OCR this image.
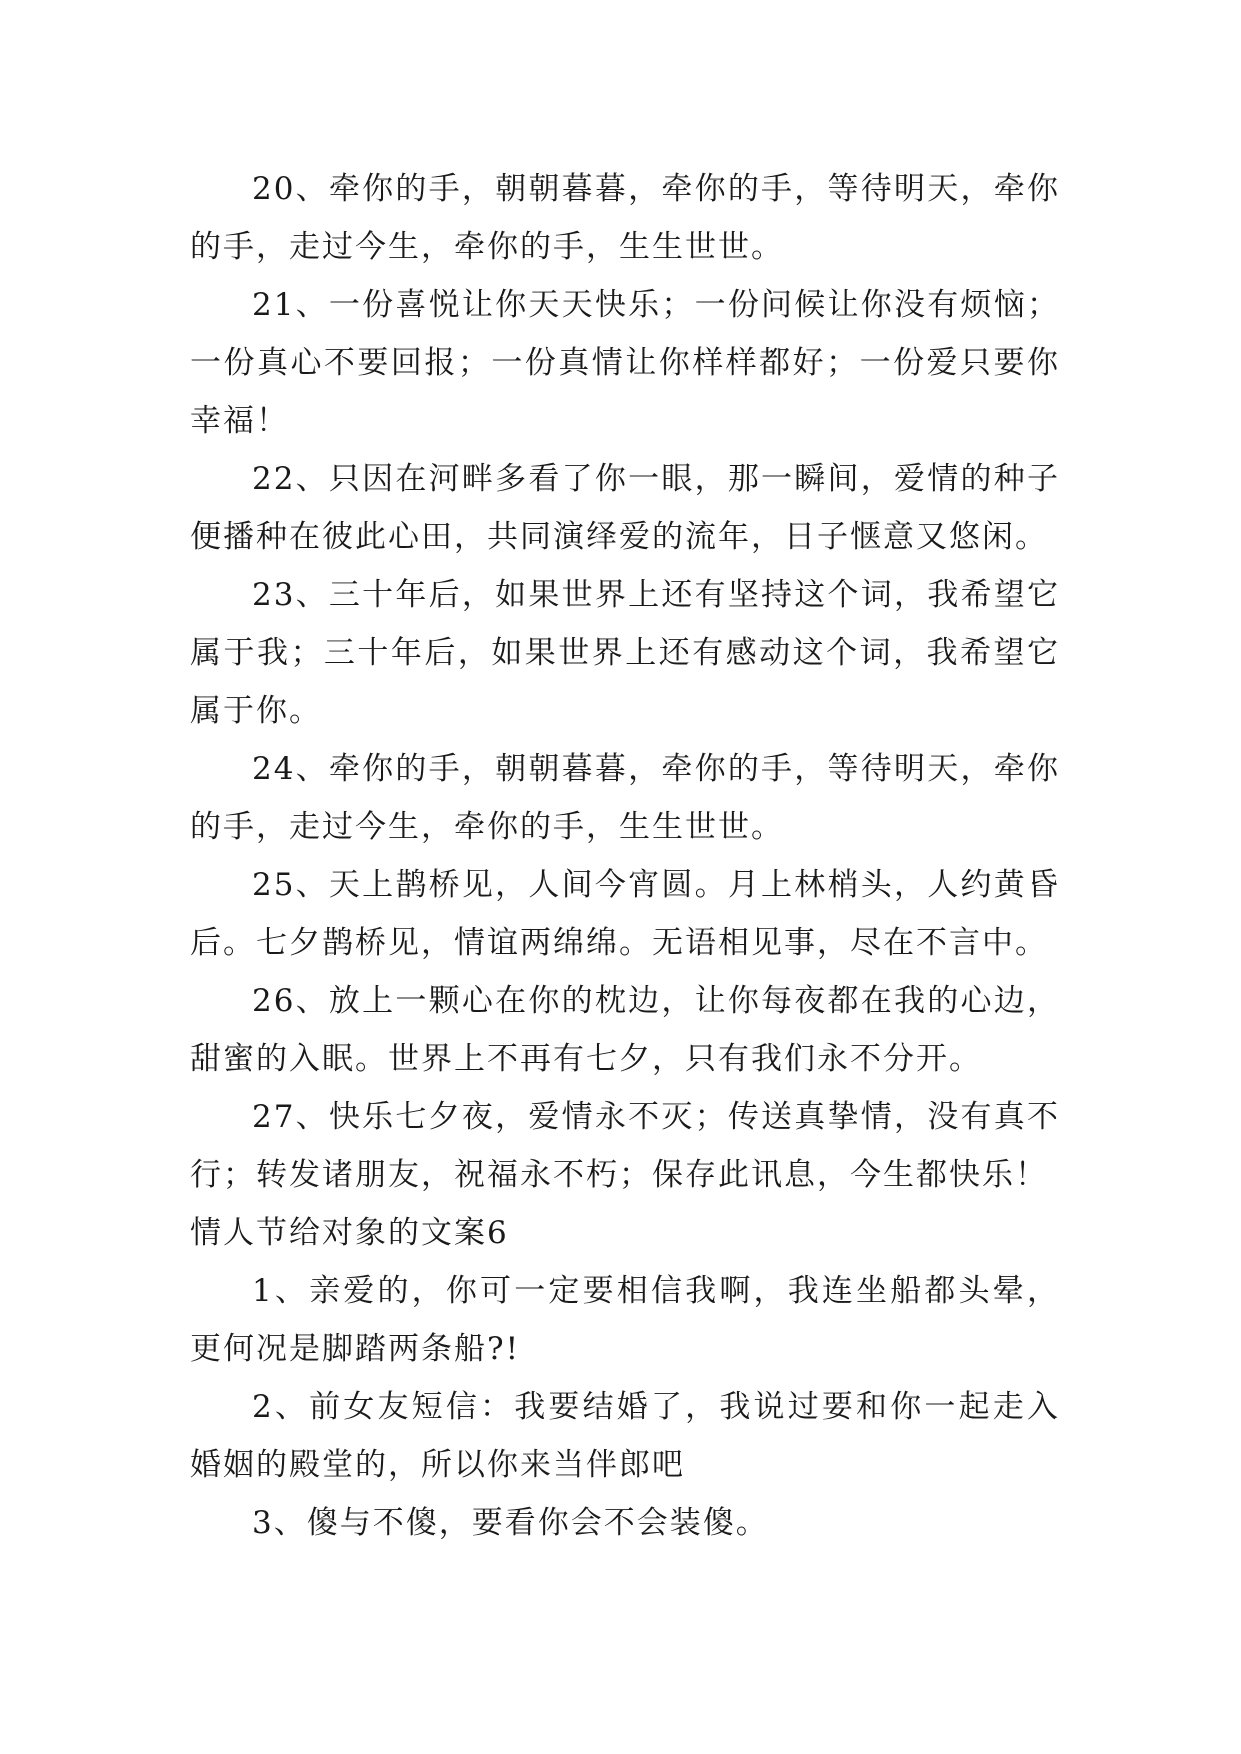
20、牵你的手，朝朝暮暮，牵你的手，等待明天，牵你的手，走过今生，牵你的手，生生世世。

21、一份喜悦让你天天快乐；一份问候让你没有烦恼；一份真心不要回报；一份真情让你样样都好；一份爱只要你幸福！

22、只因在河畔多看了你一眼，那一瞬间，爱情的种子便播种在彼此心田，共同演绎爱的流年，日子惬意又悠闲。

23、三十年后，如果世界上还有坚持这个词，我希望它属于我；三十年后，如果世界上还有感动这个词，我希望它属于你。

24、牵你的手，朝朝暮暮，牵你的手，等待明天，牵你的手，走过今生，牵你的手，生生世世。

25、天上鹊桥见，人间今宵圆。月上林梢头，人约黄昏后。七夕鹊桥见，情谊两绵绵。无语相见事，尽在不言中。

26、放上一颗心在你的枕边，让你每夜都在我的心边，甜蜜的入眠。世界上不再有七夕，只有我们永不分开。

27、快乐七夕夜，爱情永不灭；传送真挚情，没有真不行；转发诸朋友，祝福永不朽；保存此讯息，今生都快乐！

情人节给对象的文案6

1、亲爱的，你可一定要相信我啊，我连坐船都头晕，更何况是脚踏两条船?!

2、前女友短信：我要结婚了，我说过要和你一起走入婚姻的殿堂的，所以你来当伴郎吧

3、傻与不傻，要看你会不会装傻。
